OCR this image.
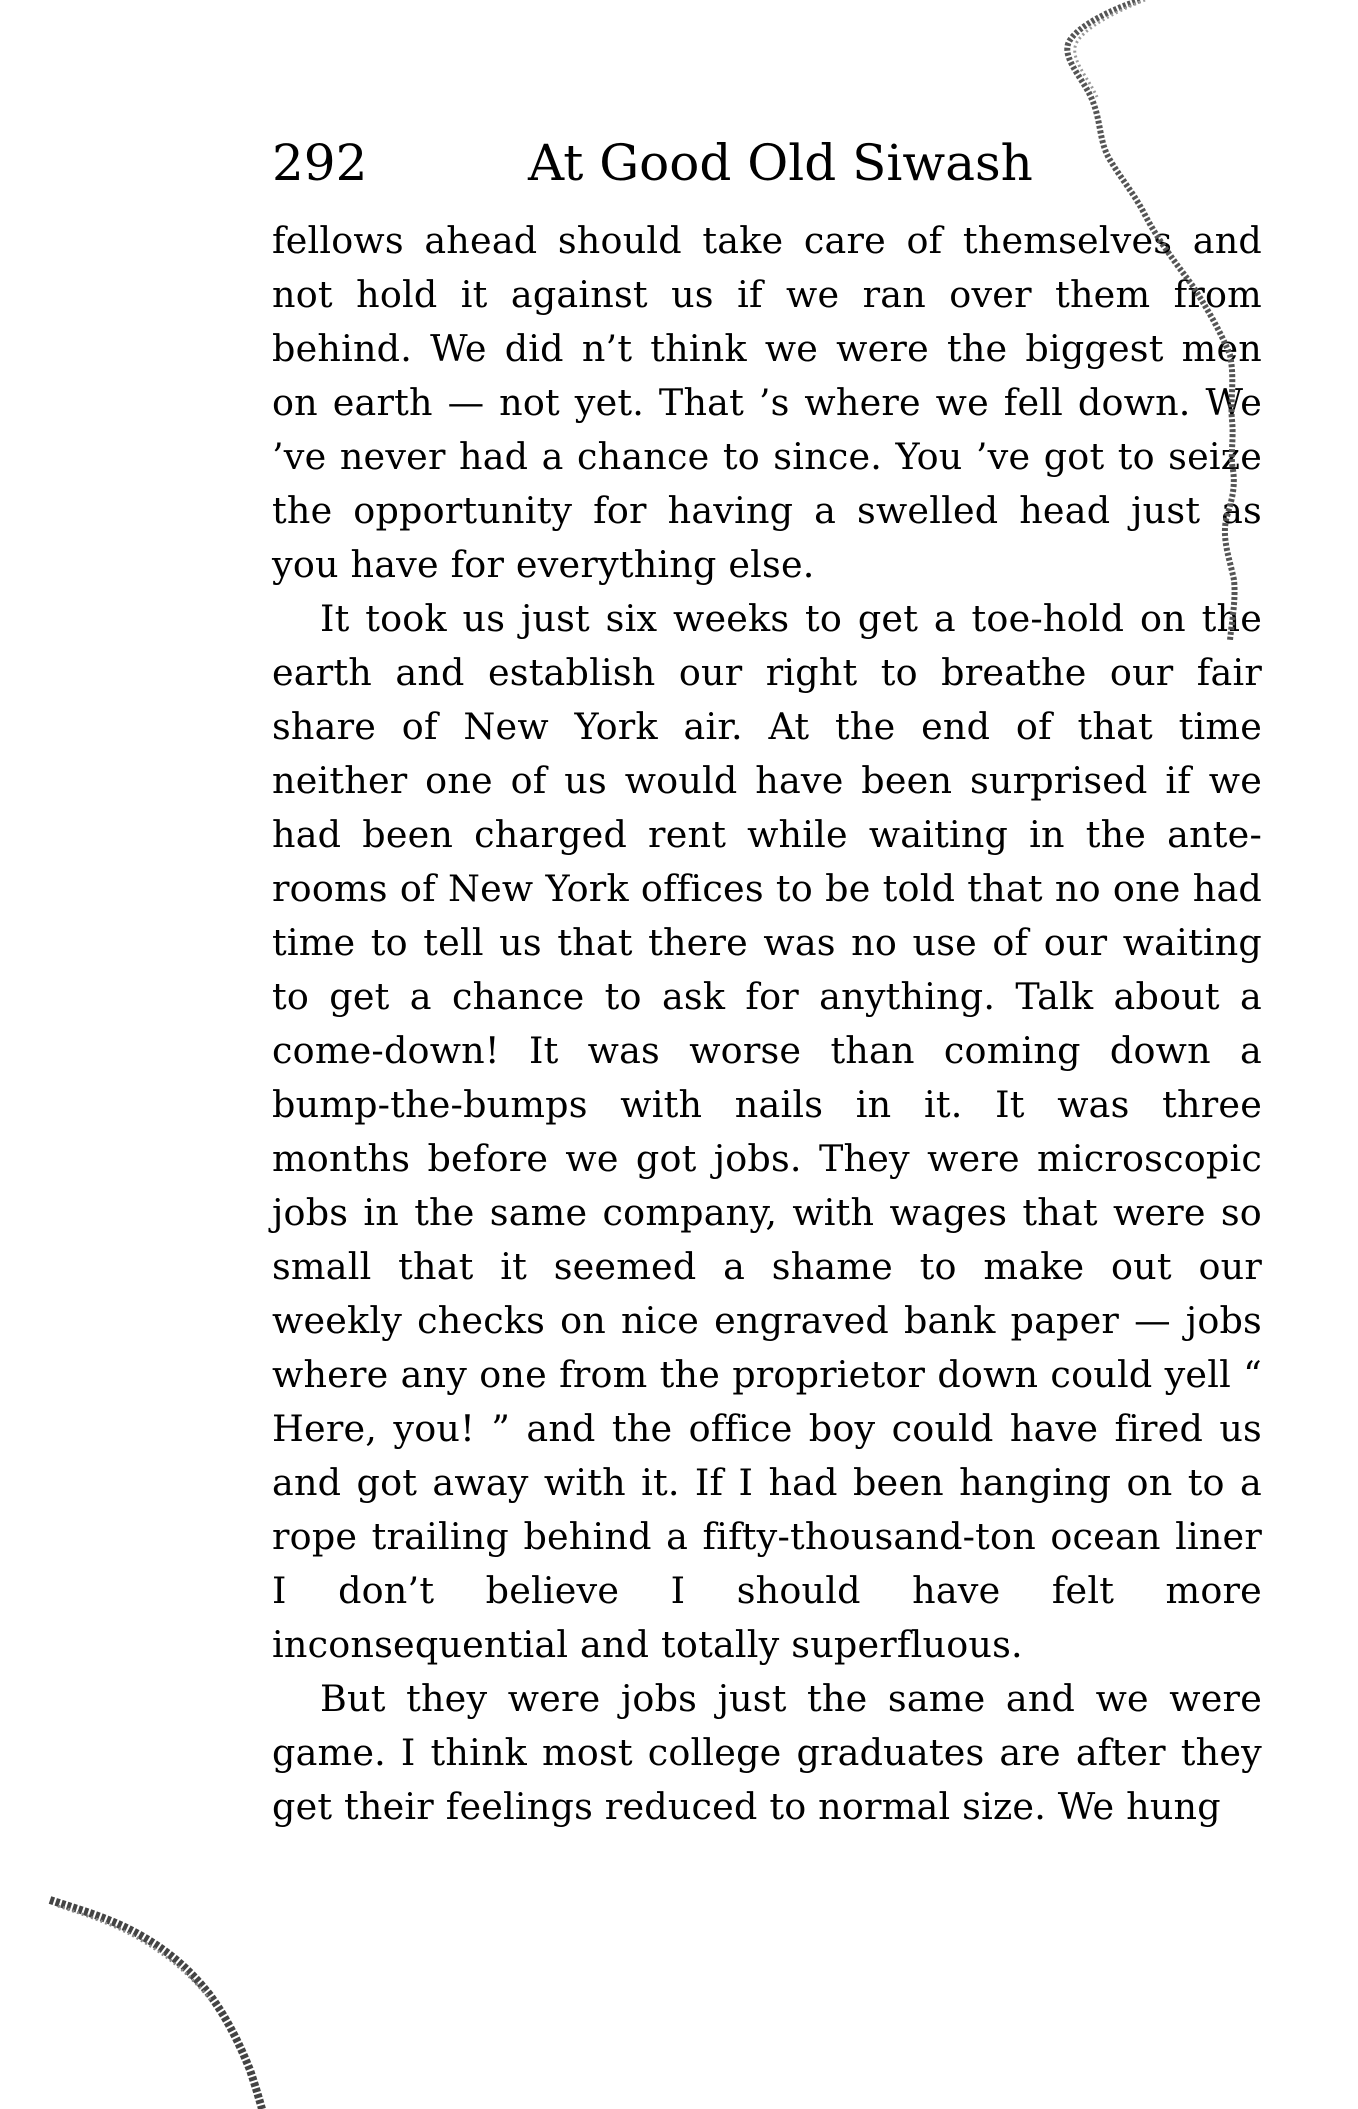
292	At Good Old Siwash

fellows ahead should take care of themselves and not hold it against us if we ran over them from behind. We did n’t think we were the biggest men on earth — not yet. That ’s where we fell down. We ’ve never had a chance to since. You ’ve got to seize the opportunity for having a swelled head just as you have for everything else.

It took us just six weeks to get a toe-hold on the earth and establish our right to breathe our fair share of New York air. At the end of that time neither one of us would have been surprised if we had been charged rent while waiting in the ante-rooms of New York offices to be told that no one had time to tell us that there was no use of our waiting to get a chance to ask for anything. Talk about a come-down! It was worse than coming down a bump-the-bumps with nails in it. It was three months before we got jobs. They were microscopic jobs in the same company, with wages that were so small that it seemed a shame to make out our weekly checks on nice engraved bank paper — jobs where any one from the proprietor down could yell “ Here, you! ” and the office boy could have fired us and got away with it. If I had been hanging on to a rope trailing behind a fifty-thousand-ton ocean liner I don’t believe I should have felt more inconsequential and totally superfluous.

But they were jobs just the same and we were game. I think most college graduates are after they get their feelings reduced to normal size. We hung
